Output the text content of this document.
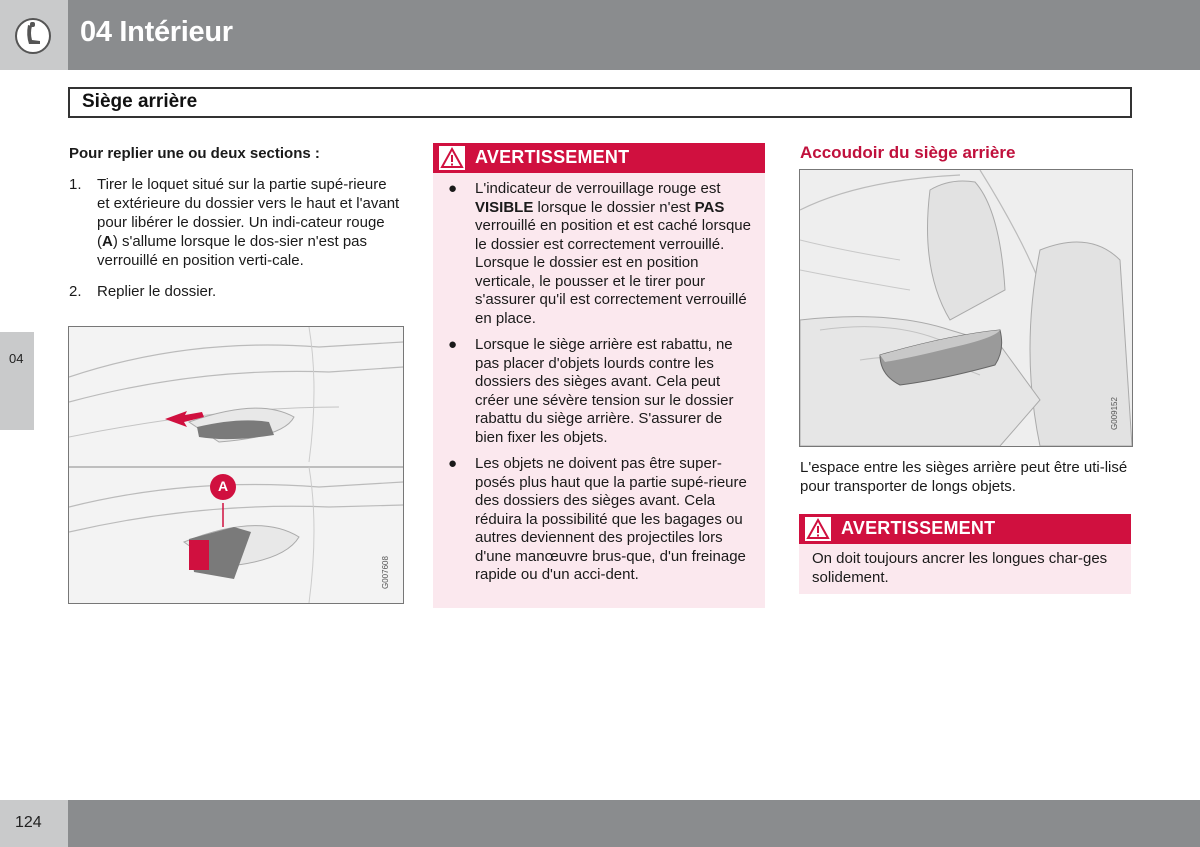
04 Intérieur
Siège arrière
04

Pour replier une ou deux sections :

1. Tirer le loquet situé sur la partie supé-rieure et extérieure du dossier vers le haut et l'avant pour libérer le dossier. Un indi-cateur rouge (A) s'allume lorsque le dos-sier n'est pas verrouillé en position verti-cale.
2. Replier le dossier.
A
G007608
AVERTISSEMENT
● L'indicateur de verrouillage rouge est VISIBLE lorsque le dossier n'est PAS verrouillé en position et est caché lorsque le dossier est correctement verrouillé. Lorsque le dossier est en position verticale, le pousser et le tirer pour s'assurer qu'il est correctement verrouillé en place.
● Lorsque le siège arrière est rabattu, ne pas placer d'objets lourds contre les dossiers des sièges avant. Cela peut créer une sévère tension sur le dossier rabattu du siège arrière. S'assurer de bien fixer les objets.
● Les objets ne doivent pas être super-posés plus haut que la partie supé-rieure des dossiers des sièges avant. Cela réduira la possibilité que les bagages ou autres deviennent des projectiles lors d'une manœuvre brus-que, d'un freinage rapide ou d'un acci-dent.
Accoudoir du siège arrière
G009152
L'espace entre les sièges arrière peut être uti-lisé pour transporter de longs objets.
AVERTISSEMENT
On doit toujours ancrer les longues char-ges solidement.
124
